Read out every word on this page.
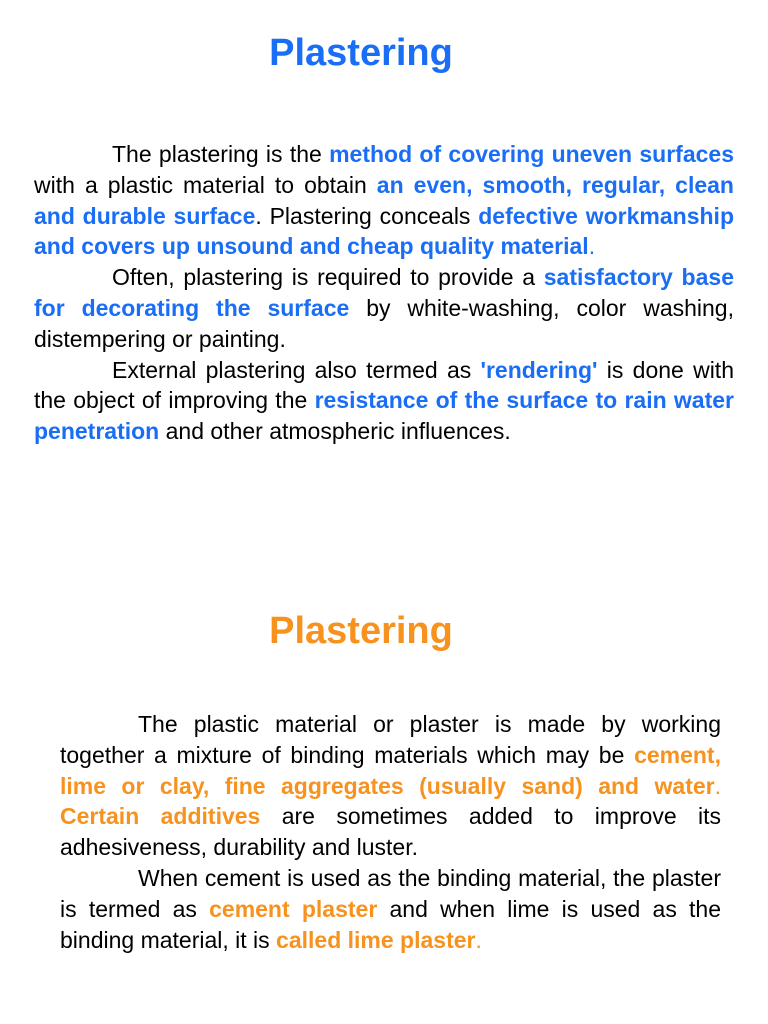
Plastering

The plastering is the method of covering uneven surfaces with a plastic material to obtain an even, smooth, regular, clean and durable surface. Plastering conceals defective workmanship and covers up unsound and cheap quality material.

Often, plastering is required to provide a satisfactory base for decorating the surface by white-washing, color washing, distempering or painting.

External plastering also termed as 'rendering' is done with the object of improving the resistance of the surface to rain water penetration and other atmospheric influences.

Plastering

The plastic material or plaster is made by working together a mixture of binding materials which may be cement, lime or clay, fine aggregates (usually sand) and water. Certain additives are sometimes added to improve its adhesiveness, durability and luster.

When cement is used as the binding material, the plaster is termed as cement plaster and when lime is used as the binding material, it is called lime plaster.
